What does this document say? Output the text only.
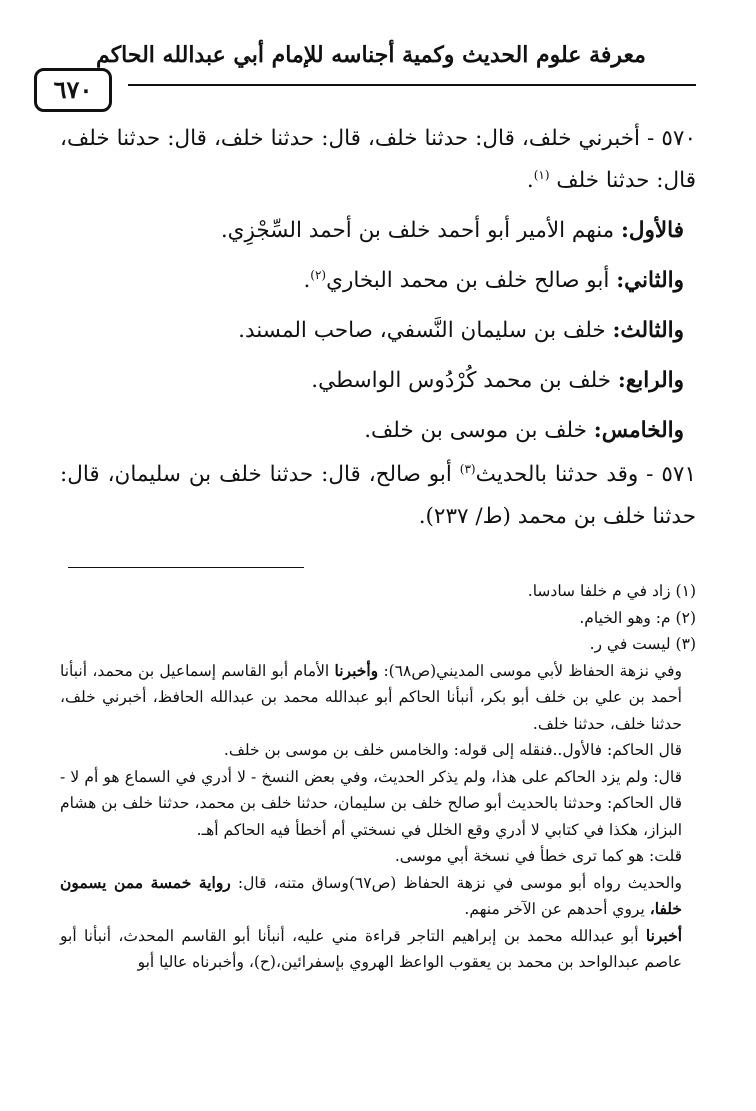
معرفة علوم الحديث وكمية أجناسه للإمام أبي عبدالله الحاكم
٦٧٠
٥٧٠ - أخبرني خلف، قال: حدثنا خلف، قال: حدثنا خلف، قال: حدثنا خلف، قال: حدثنا خلف $^{(١)}$.
فالأول: منهم الأمير أبو أحمد خلف بن أحمد السِّجْزِي.
والثاني: أبو صالح خلف بن محمد البخاري$^{(٢)}$.
والثالث: خلف بن سليمان النَّسفي، صاحب المسند.
والرابع: خلف بن محمد كُرْدُوس الواسطي.
والخامس: خلف بن موسى بن خلف.
٥٧١ - وقد حدثنا بالحديث$^{(٣)}$ أبو صالح، قال: حدثنا خلف بن سليمان، قال: حدثنا خلف بن محمد (ط/ ٢٣٧).
(١) زاد في م خلفا سادسا.
(٢) م: وهو الخيام.
(٣) ليست في ر.
وفي نزهة الحفاظ لأبي موسى المديني(ص٦٨): وأخبرنا الأمام أبو القاسم إسماعيل بن محمد، أنبأنا أحمد بن علي بن خلف أبو بكر، أنبأنا الحاكم أبو عبدالله محمد بن عبدالله الحافظ، أخبرني خلف، حدثنا خلف، حدثنا خلف.
قال الحاكم: فالأول..فنقله إلى قوله: والخامس خلف بن موسى بن خلف.
قال: ولم يزد الحاكم على هذا، ولم يذكر الحديث، وفي بعض النسخ - لا أدري في السماع هو أم لا - قال الحاكم: وحدثنا بالحديث أبو صالح خلف بن سليمان، حدثنا خلف بن محمد، حدثنا خلف بن هشام البزاز، هكذا في كتابي لا أدري وقع الخلل في نسختي أم أخطأ فيه الحاكم أهـ.
قلت: هو كما ترى خطأ في نسخة أبي موسى.
والحديث رواه أبو موسى في نزهة الحفاظ (ص٦٧)وساق متنه، قال: رواية خمسة ممن يسمون خلفا، يروي أحدهم عن الآخر منهم.
أخبرنا أبو عبدالله محمد بن إبراهيم التاجر قراءة مني عليه، أنبأنا أبو القاسم المحدث، أنبأنا أبو عاصم عبدالواحد بن محمد بن يعقوب الواعظ الهروي بإسفرائين،(ح)، وأخبرناه عاليا أبو
